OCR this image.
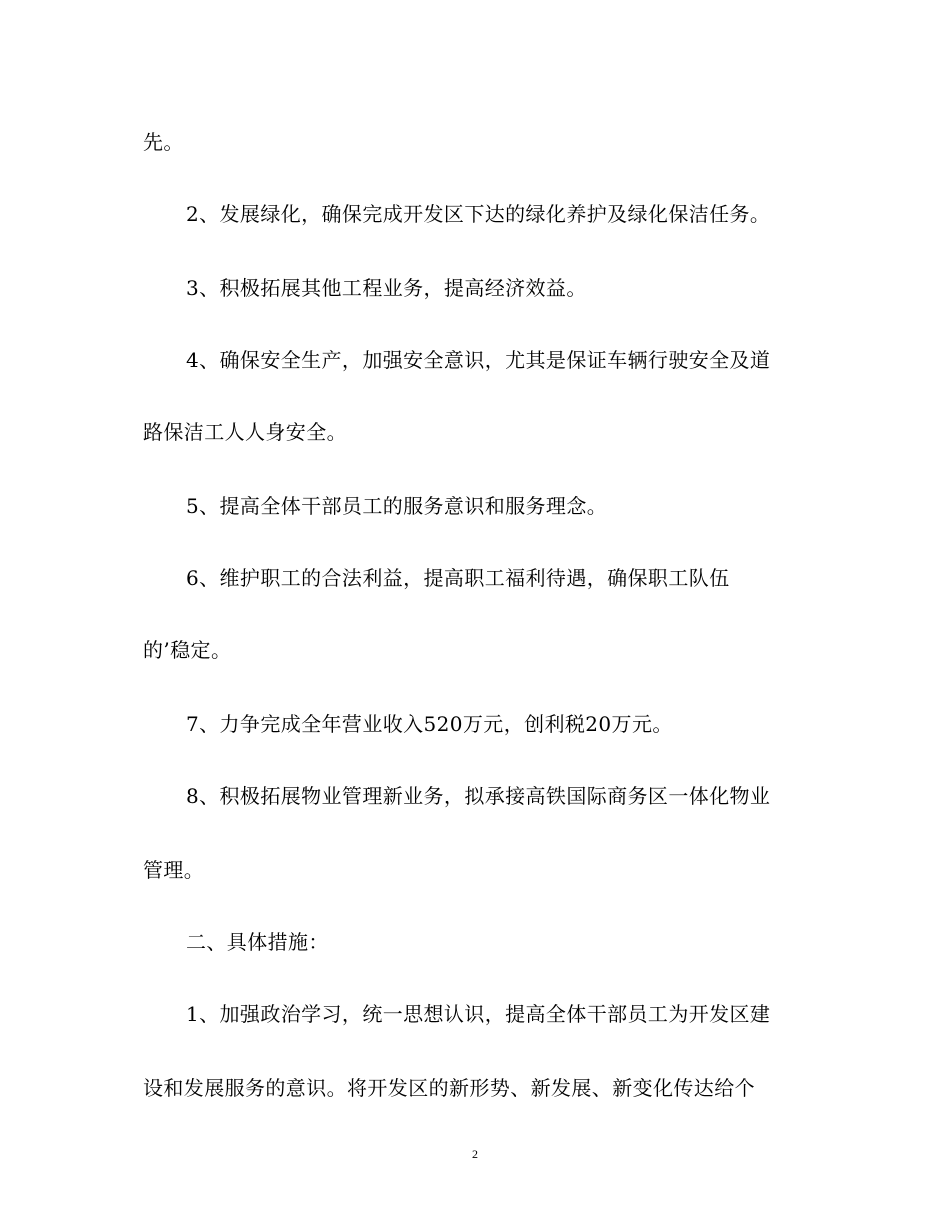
先。
2、发展绿化，确保完成开发区下达的绿化养护及绿化保洁任务。
3、积极拓展其他工程业务，提高经济效益。
4、确保安全生产，加强安全意识，尤其是保证车辆行驶安全及道
路保洁工人人身安全。
5、提高全体干部员工的服务意识和服务理念。
6、维护职工的合法利益，提高职工福利待遇，确保职工队伍
的’稳定。
7、力争完成全年营业收入520万元，创利税20万元。
8、积极拓展物业管理新业务，拟承接高铁国际商务区一体化物业
管理。
二、具体措施：
1、加强政治学习，统一思想认识，提高全体干部员工为开发区建
设和发展服务的意识。将开发区的新形势、新发展、新变化传达给个
2
